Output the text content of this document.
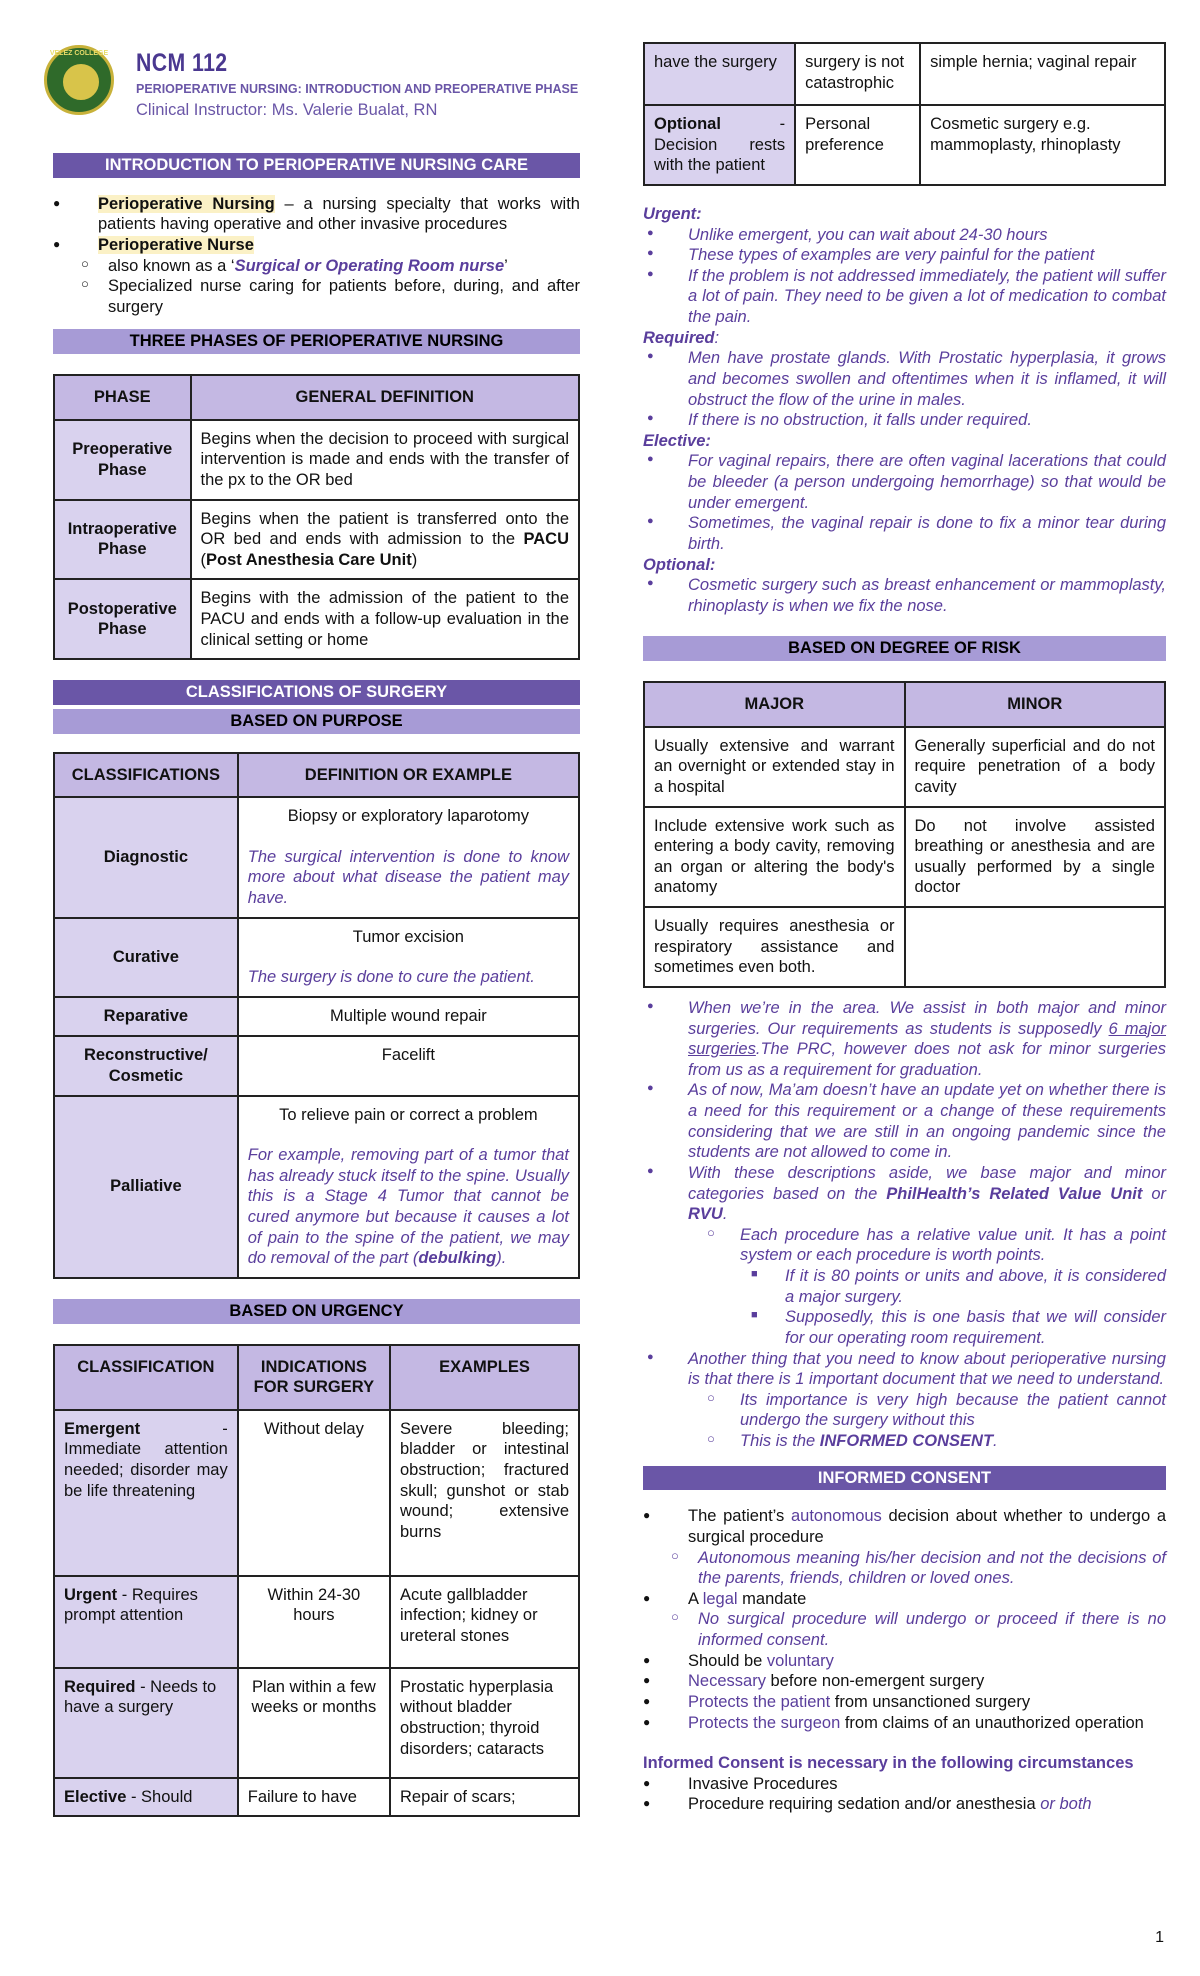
VELEZ COLLEGE NCM 112
PERIOPERATIVE NURSING: INTRODUCTION AND PREOPERATIVE PHASE
Clinical Instructor: Ms. Valerie Bualat, RN
INTRODUCTION TO PERIOPERATIVE NURSING CARE
● Perioperative Nursing – a nursing specialty that works with patients having operative and other invasive procedures
● Perioperative Nurse
○ also known as a ‘Surgical or Operating Room nurse’
○ Specialized nurse caring for patients before, during, and after surgery
THREE PHASES OF PERIOPERATIVE NURSING
PHASE	GENERAL DEFINITION
Preoperative Phase	Begins when the decision to proceed with surgical intervention is made and ends with the transfer of the px to the OR bed
Intraoperative Phase	Begins when the patient is transferred onto the OR bed and ends with admission to the PACU (Post Anesthesia Care Unit)
Postoperative Phase	Begins with the admission of the patient to the PACU and ends with a follow-up evaluation in the clinical setting or home
CLASSIFICATIONS OF SURGERY
BASED ON PURPOSE
CLASSIFICATIONS	DEFINITION OR EXAMPLE
Diagnostic	Biopsy or exploratory laparotomy
The surgical intervention is done to know more about what disease the patient may have.

Curative	Tumor excision
The surgery is done to cure the patient.

Reparative	Multiple wound repair
Reconstructive/ Cosmetic	Facelift
Palliative	To relieve pain or correct a problem
For example, removing part of a tumor that has already stuck itself to the spine. Usually this is a Stage 4 Tumor that cannot be cured anymore but because it causes a lot of pain to the spine of the patient, we may do removal of the part (debulking).
BASED ON URGENCY
CLASSIFICATION	INDICATIONS FOR SURGERY	EXAMPLES
Emergent - Immediate attention needed; disorder may be life threatening	Without delay	Severe bleeding; bladder or intestinal obstruction; fractured skull; gunshot or stab wound; extensive burns
Urgent - Requires prompt attention	Within 24-30 hours	Acute gallbladder infection; kidney or ureteral stones
Required - Needs to have a surgery	Plan within a few weeks or months	Prostatic hyperplasia without bladder obstruction; thyroid disorders; cataracts
Elective - Should	Failure to have	Repair of scars;
have the surgery	surgery is not catastrophic	simple hernia; vaginal repair
Optional - Decision rests with the patient	Personal preference	Cosmetic surgery e.g. mammoplasty, rhinoplasty
Urgent:
● Unlike emergent, you can wait about 24-30 hours
● These types of examples are very painful for the patient
● If the problem is not addressed immediately, the patient will suffer a lot of pain. They need to be given a lot of medication to combat the pain.
Required:
● Men have prostate glands. With Prostatic hyperplasia, it grows and becomes swollen and oftentimes when it is inflamed, it will obstruct the flow of the urine in males.
● If there is no obstruction, it falls under required.
Elective:
● For vaginal repairs, there are often vaginal lacerations that could be bleeder (a person undergoing hemorrhage) so that would be under emergent.
● Sometimes, the vaginal repair is done to fix a minor tear during birth.
Optional:
● Cosmetic surgery such as breast enhancement or mammoplasty, rhinoplasty is when we fix the nose.
BASED ON DEGREE OF RISK
MAJOR	MINOR
Usually extensive and warrant an overnight or extended stay in a hospital	Generally superficial and do not require penetration of a body cavity
Include extensive work such as entering a body cavity, removing an organ or altering the body's anatomy	Do not involve assisted breathing or anesthesia and are usually performed by a single doctor
Usually requires anesthesia or respiratory assistance and sometimes even both.	
● When we’re in the area. We assist in both major and minor surgeries. Our requirements as students is supposedly 6 major surgeries.The PRC, however does not ask for minor surgeries from us as a requirement for graduation.
● As of now, Ma’am doesn’t have an update yet on whether there is a need for this requirement or a change of these requirements considering that we are still in an ongoing pandemic since the students are not allowed to come in.
● With these descriptions aside, we base major and minor categories based on the PhilHealth’s Related Value Unit or RVU.
○ Each procedure has a relative value unit. It has a point system or each procedure is worth points.
■ If it is 80 points or units and above, it is considered a major surgery.
■ Supposedly, this is one basis that we will consider for our operating room requirement.
● Another thing that you need to know about perioperative nursing is that there is 1 important document that we need to understand.
○ Its importance is very high because the patient cannot undergo the surgery without this
○ This is the INFORMED CONSENT.
INFORMED CONSENT
● The patient’s autonomous decision about whether to undergo a surgical procedure
○ Autonomous meaning his/her decision and not the decisions of the parents, friends, children or loved ones.
● A legal mandate
○ No surgical procedure will undergo or proceed if there is no informed consent.
● Should be voluntary
● Necessary before non-emergent surgery
● Protects the patient from unsanctioned surgery
● Protects the surgeon from claims of an unauthorized operation
Informed Consent is necessary in the following circumstances
● Invasive Procedures
● Procedure requiring sedation and/or anesthesia or both
1
